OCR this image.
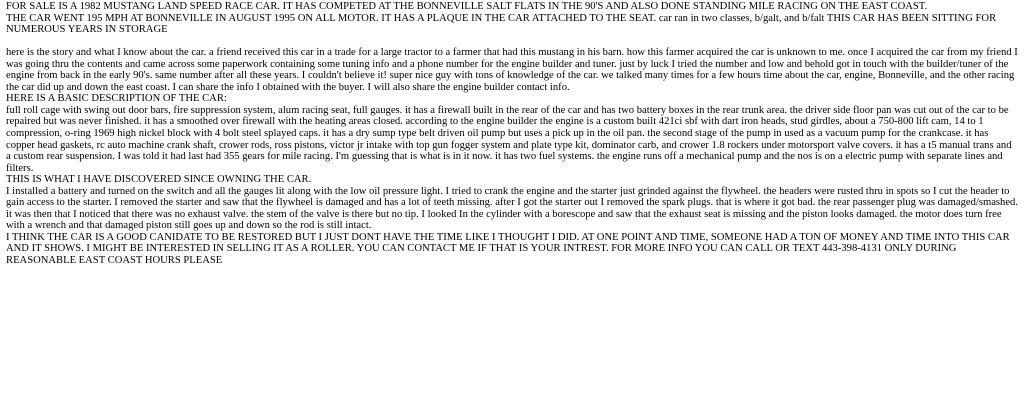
FOR SALE IS A 1982 MUSTANG LAND SPEED RACE CAR. IT HAS COMPETED AT THE BONNEVILLE SALT FLATS IN THE 90'S AND ALSO DONE STANDING MILE RACING ON THE EAST COAST.

THE CAR WENT 195 MPH AT BONNEVILLE IN AUGUST 1995 ON ALL MOTOR. IT HAS A PLAQUE IN THE CAR ATTACHED TO THE SEAT. car ran in two classes, b/galt, and b/falt THIS CAR HAS BEEN SITTING FOR NUMEROUS YEARS IN STORAGE

here is the story and what I know about the car. a friend received this car in a trade for a large tractor to a farmer that had this mustang in his barn. how this farmer acquired the car is unknown to me. once I acquired the car from my friend I was going thru the contents and came across some paperwork containing some tuning info and a phone number for the engine builder and tuner. just by luck I tried the number and low and behold got in touch with the builder/tuner of the engine from back in the early 90's. same number after all these years. I couldn't believe it! super nice guy with tons of knowledge of the car. we talked many times for a few hours time about the car, engine, Bonneville, and the other racing the car did up and down the east coast. I can share the info I obtained with the buyer. I will also share the engine builder contact info.

HERE IS A BASIC DESCRIPTION OF THE CAR:

full roll cage with swing out door bars, fire suppression system, alum racing seat, full gauges. it has a firewall built in the rear of the car and has two battery boxes in the rear trunk area. the driver side floor pan was cut out of the car to be repaired but was never finished. it has a smoothed over firewall with the heating areas closed. according to the engine builder the engine is a custom built 421ci sbf with dart iron heads, stud girdles, about a 750-800 lift cam, 14 to 1 compression, o-ring 1969 high nickel block with 4 bolt steel splayed caps. it has a dry sump type belt driven oil pump but uses a pick up in the oil pan. the second stage of the pump in used as a vacuum pump for the crankcase. it has copper head gaskets, rc auto machine crank shaft, crower rods, ross pistons, victor jr intake with top gun fogger system and plate type kit, dominator carb, and crower 1.8 rockers under motorsport valve covers. it has a t5 manual trans and a custom rear suspension. I was told it had last had 355 gears for mile racing. I'm guessing that is what is in it now. it has two fuel systems. the engine runs off a mechanical pump and the nos is on a electric pump with separate lines and filters.

THIS IS WHAT I HAVE DISCOVERED SINCE OWNING THE CAR.

I installed a battery and turned on the switch and all the gauges lit along with the low oil pressure light. I tried to crank the engine and the starter just grinded against the flywheel. the headers were rusted thru in spots so I cut the header to gain access to the starter. I removed the starter and saw that the flywheel is damaged and has a lot of teeth missing. after I got the starter out I removed the spark plugs. that is where it got bad. the rear passenger plug was damaged/smashed. it was then that I noticed that there was no exhaust valve. the stem of the valve is there but no tip. I looked In the cylinder with a borescope and saw that the exhaust seat is missing and the piston looks damaged. the motor does turn free with a wrench and that damaged piston still goes up and down so the rod is still intact.

I THINK THE CAR IS A GOOD CANIDATE TO BE RESTORED BUT I JUST DONT HAVE THE TIME LIKE I THOUGHT I DID. AT ONE POINT AND TIME, SOMEONE HAD A TON OF MONEY AND TIME INTO THIS CAR AND IT SHOWS. I MIGHT BE INTERESTED IN SELLING IT AS A ROLLER. YOU CAN CONTACT ME IF THAT IS YOUR INTREST. FOR MORE INFO YOU CAN CALL OR TEXT 443-398-4131 ONLY DURING REASONABLE EAST COAST HOURS PLEASE
